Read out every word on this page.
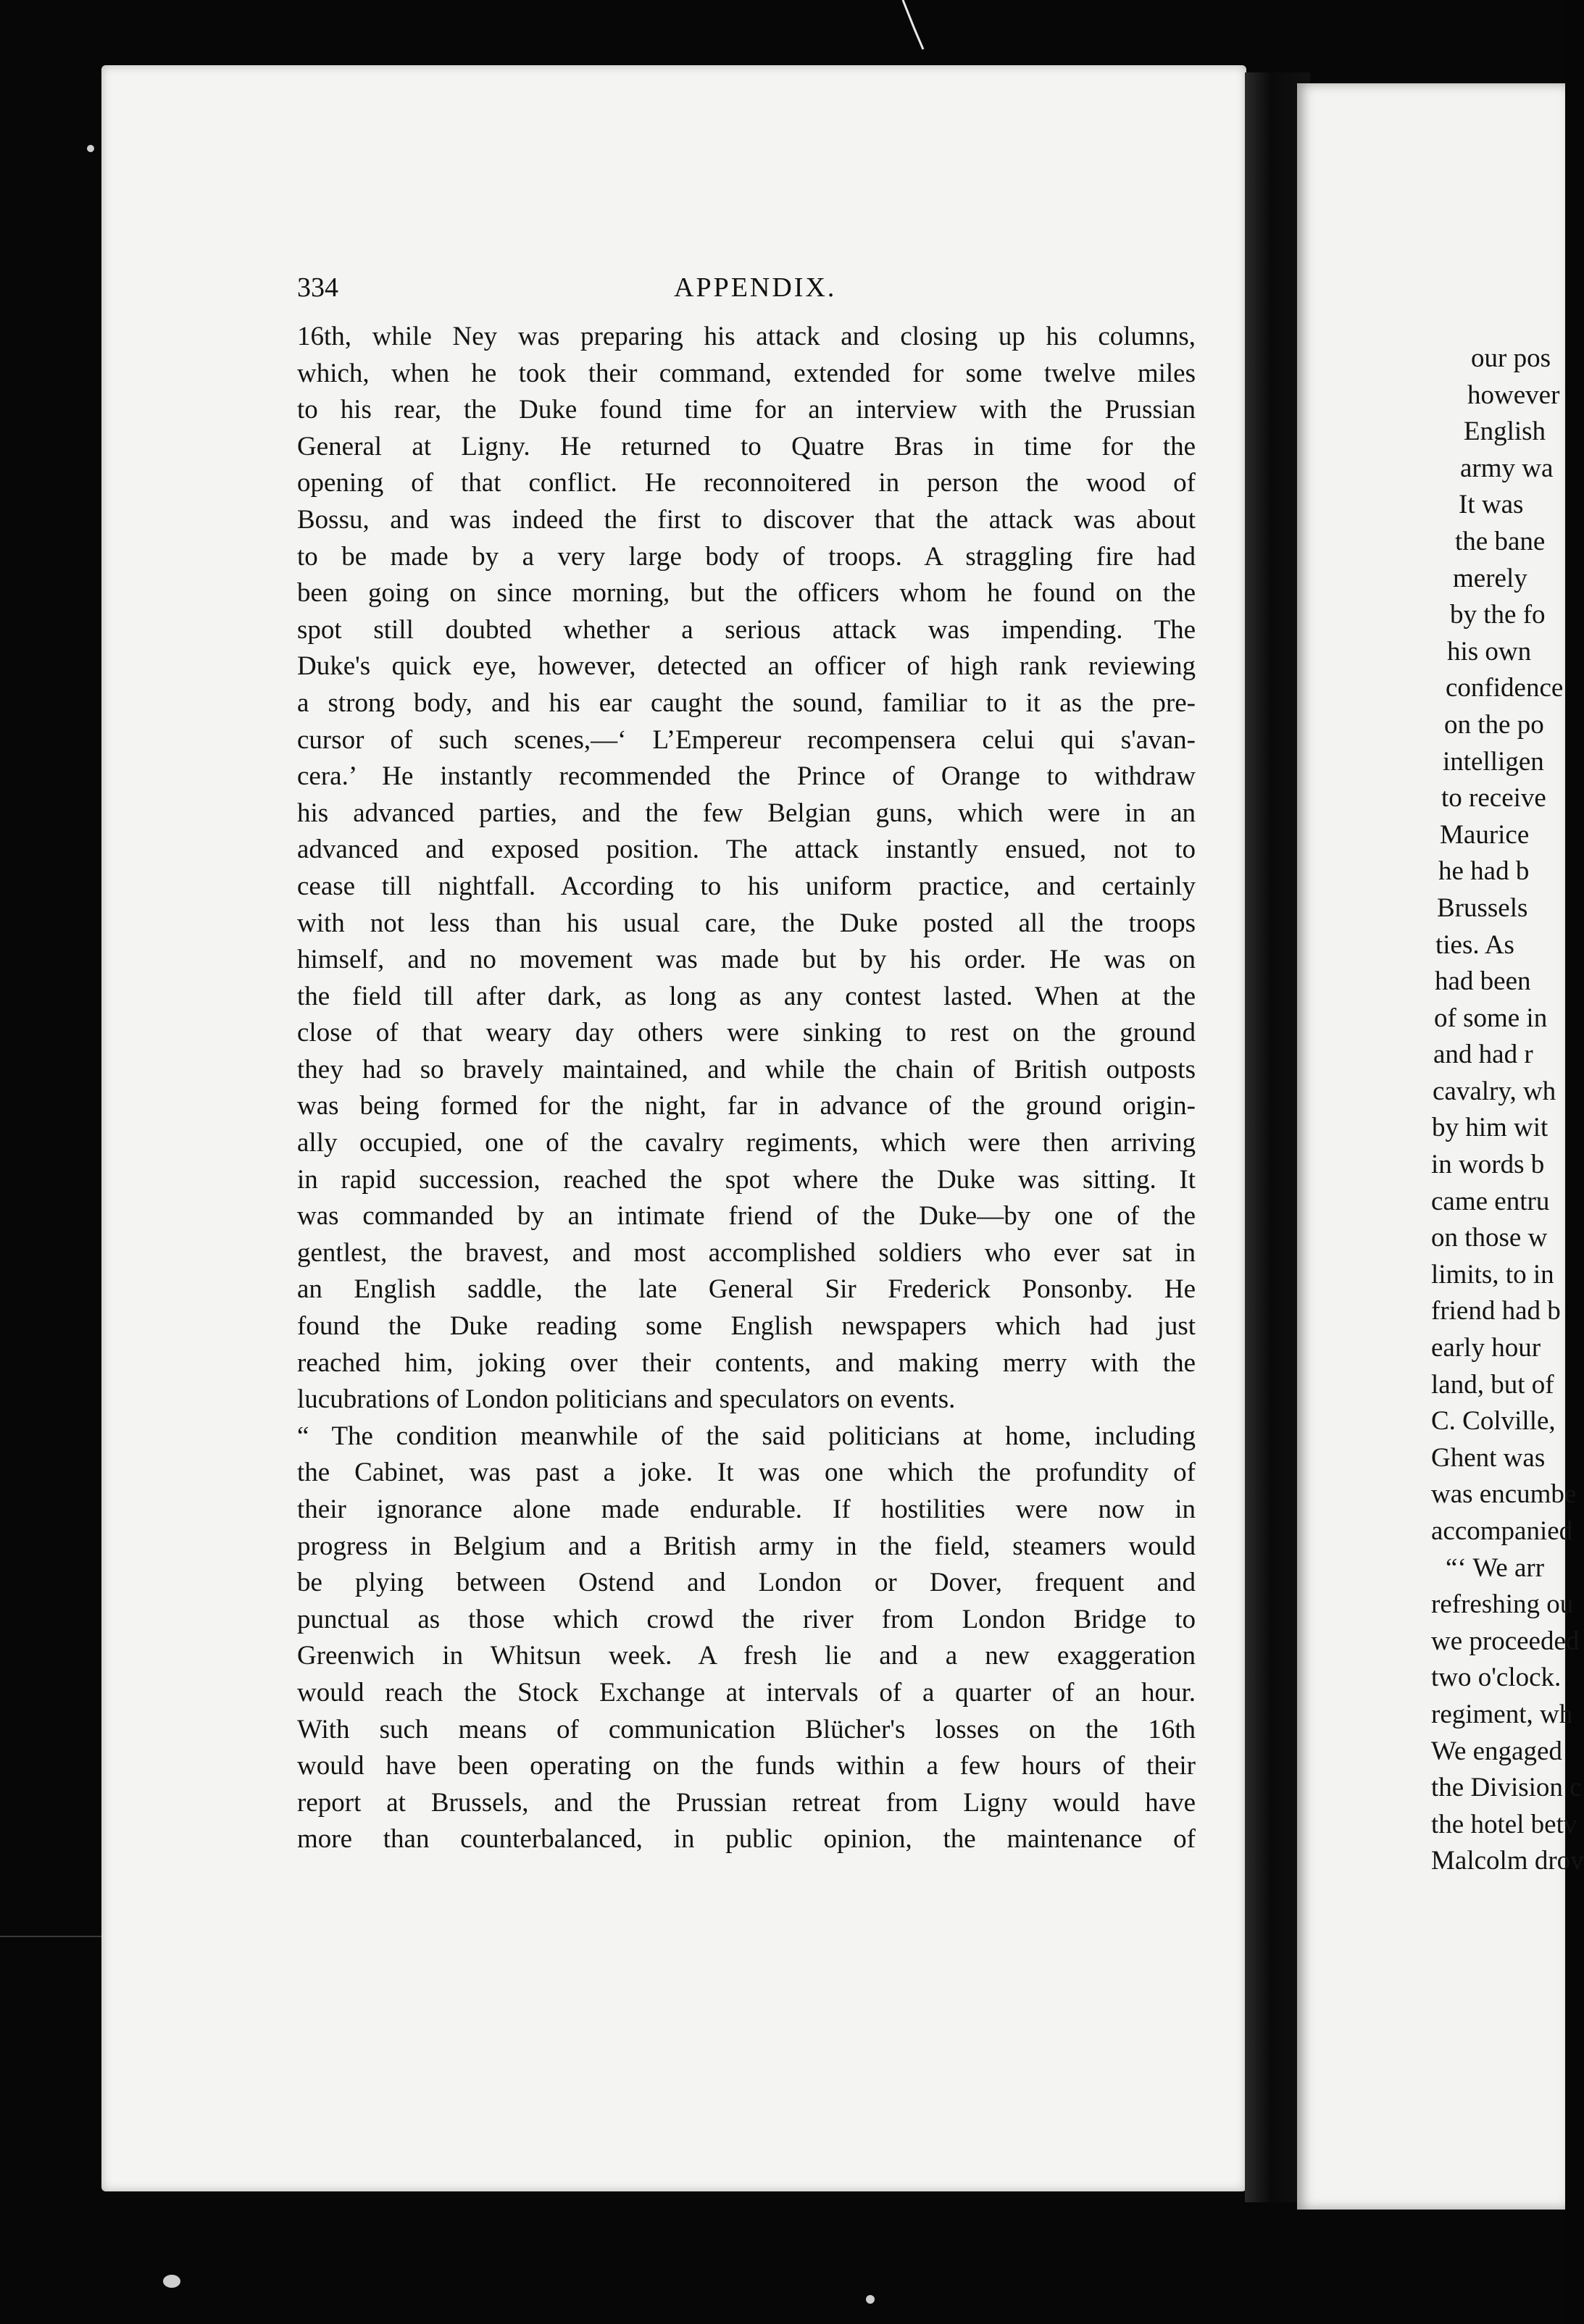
334	APPENDIX.
16th, while Ney was preparing his attack and closing up his columns,
which, when he took their command, extended for some twelve miles
to his rear, the Duke found time for an interview with the Prussian
General at Ligny. He returned to Quatre Bras in time for the
opening of that conflict. He reconnoitered in person the wood of
Bossu, and was indeed the first to discover that the attack was about
to be made by a very large body of troops. A straggling fire had
been going on since morning, but the officers whom he found on the
spot still doubted whether a serious attack was impending. The
Duke's quick eye, however, detected an officer of high rank reviewing
a strong body, and his ear caught the sound, familiar to it as the pre-
cursor of such scenes,—‘ L’Empereur recompensera celui qui s'avan-
cera.’ He instantly recommended the Prince of Orange to withdraw
his advanced parties, and the few Belgian guns, which were in an
advanced and exposed position. The attack instantly ensued, not to
cease till nightfall. According to his uniform practice, and certainly
with not less than his usual care, the Duke posted all the troops
himself, and no movement was made but by his order. He was on
the field till after dark, as long as any contest lasted. When at the
close of that weary day others were sinking to rest on the ground
they had so bravely maintained, and while the chain of British outposts
was being formed for the night, far in advance of the ground origin-
ally occupied, one of the cavalry regiments, which were then arriving
in rapid succession, reached the spot where the Duke was sitting. It
was commanded by an intimate friend of the Duke—by one of the
gentlest, the bravest, and most accomplished soldiers who ever sat in
an English saddle, the late General Sir Frederick Ponsonby. He
found the Duke reading some English newspapers which had just
reached him, joking over their contents, and making merry with the
lucubrations of London politicians and speculators on events.
“ The condition meanwhile of the said politicians at home, including
the Cabinet, was past a joke. It was one which the profundity of
their ignorance alone made endurable. If hostilities were now in
progress in Belgium and a British army in the field, steamers would
be plying between Ostend and London or Dover, frequent and
punctual as those which crowd the river from London Bridge to
Greenwich in Whitsun week. A fresh lie and a new exaggeration
would reach the Stock Exchange at intervals of a quarter of an hour.
With such means of communication Blücher's losses on the 16th
would have been operating on the funds within a few hours of their
report at Brussels, and the Prussian retreat from Ligny would have
more than counterbalanced, in public opinion, the maintenance of
our pos
however
English
army wa
It was
the bane
merely
by the fo
his own
confidence
on the po
intelligen
to receive
Maurice
he had b
Brussels
ties. As
had been
of some in
and had r
cavalry, wh
by him wit
in words b
came entru
on those w
limits, to in
friend had b
early hour
land, but of
C. Colville,
Ghent was
was encumbe
accompanied
“‘ We arr
refreshing ou
we proceeded
two o'clock.
regiment, wh
We engaged
the Division c
the hotel betv
Malcolm drov
